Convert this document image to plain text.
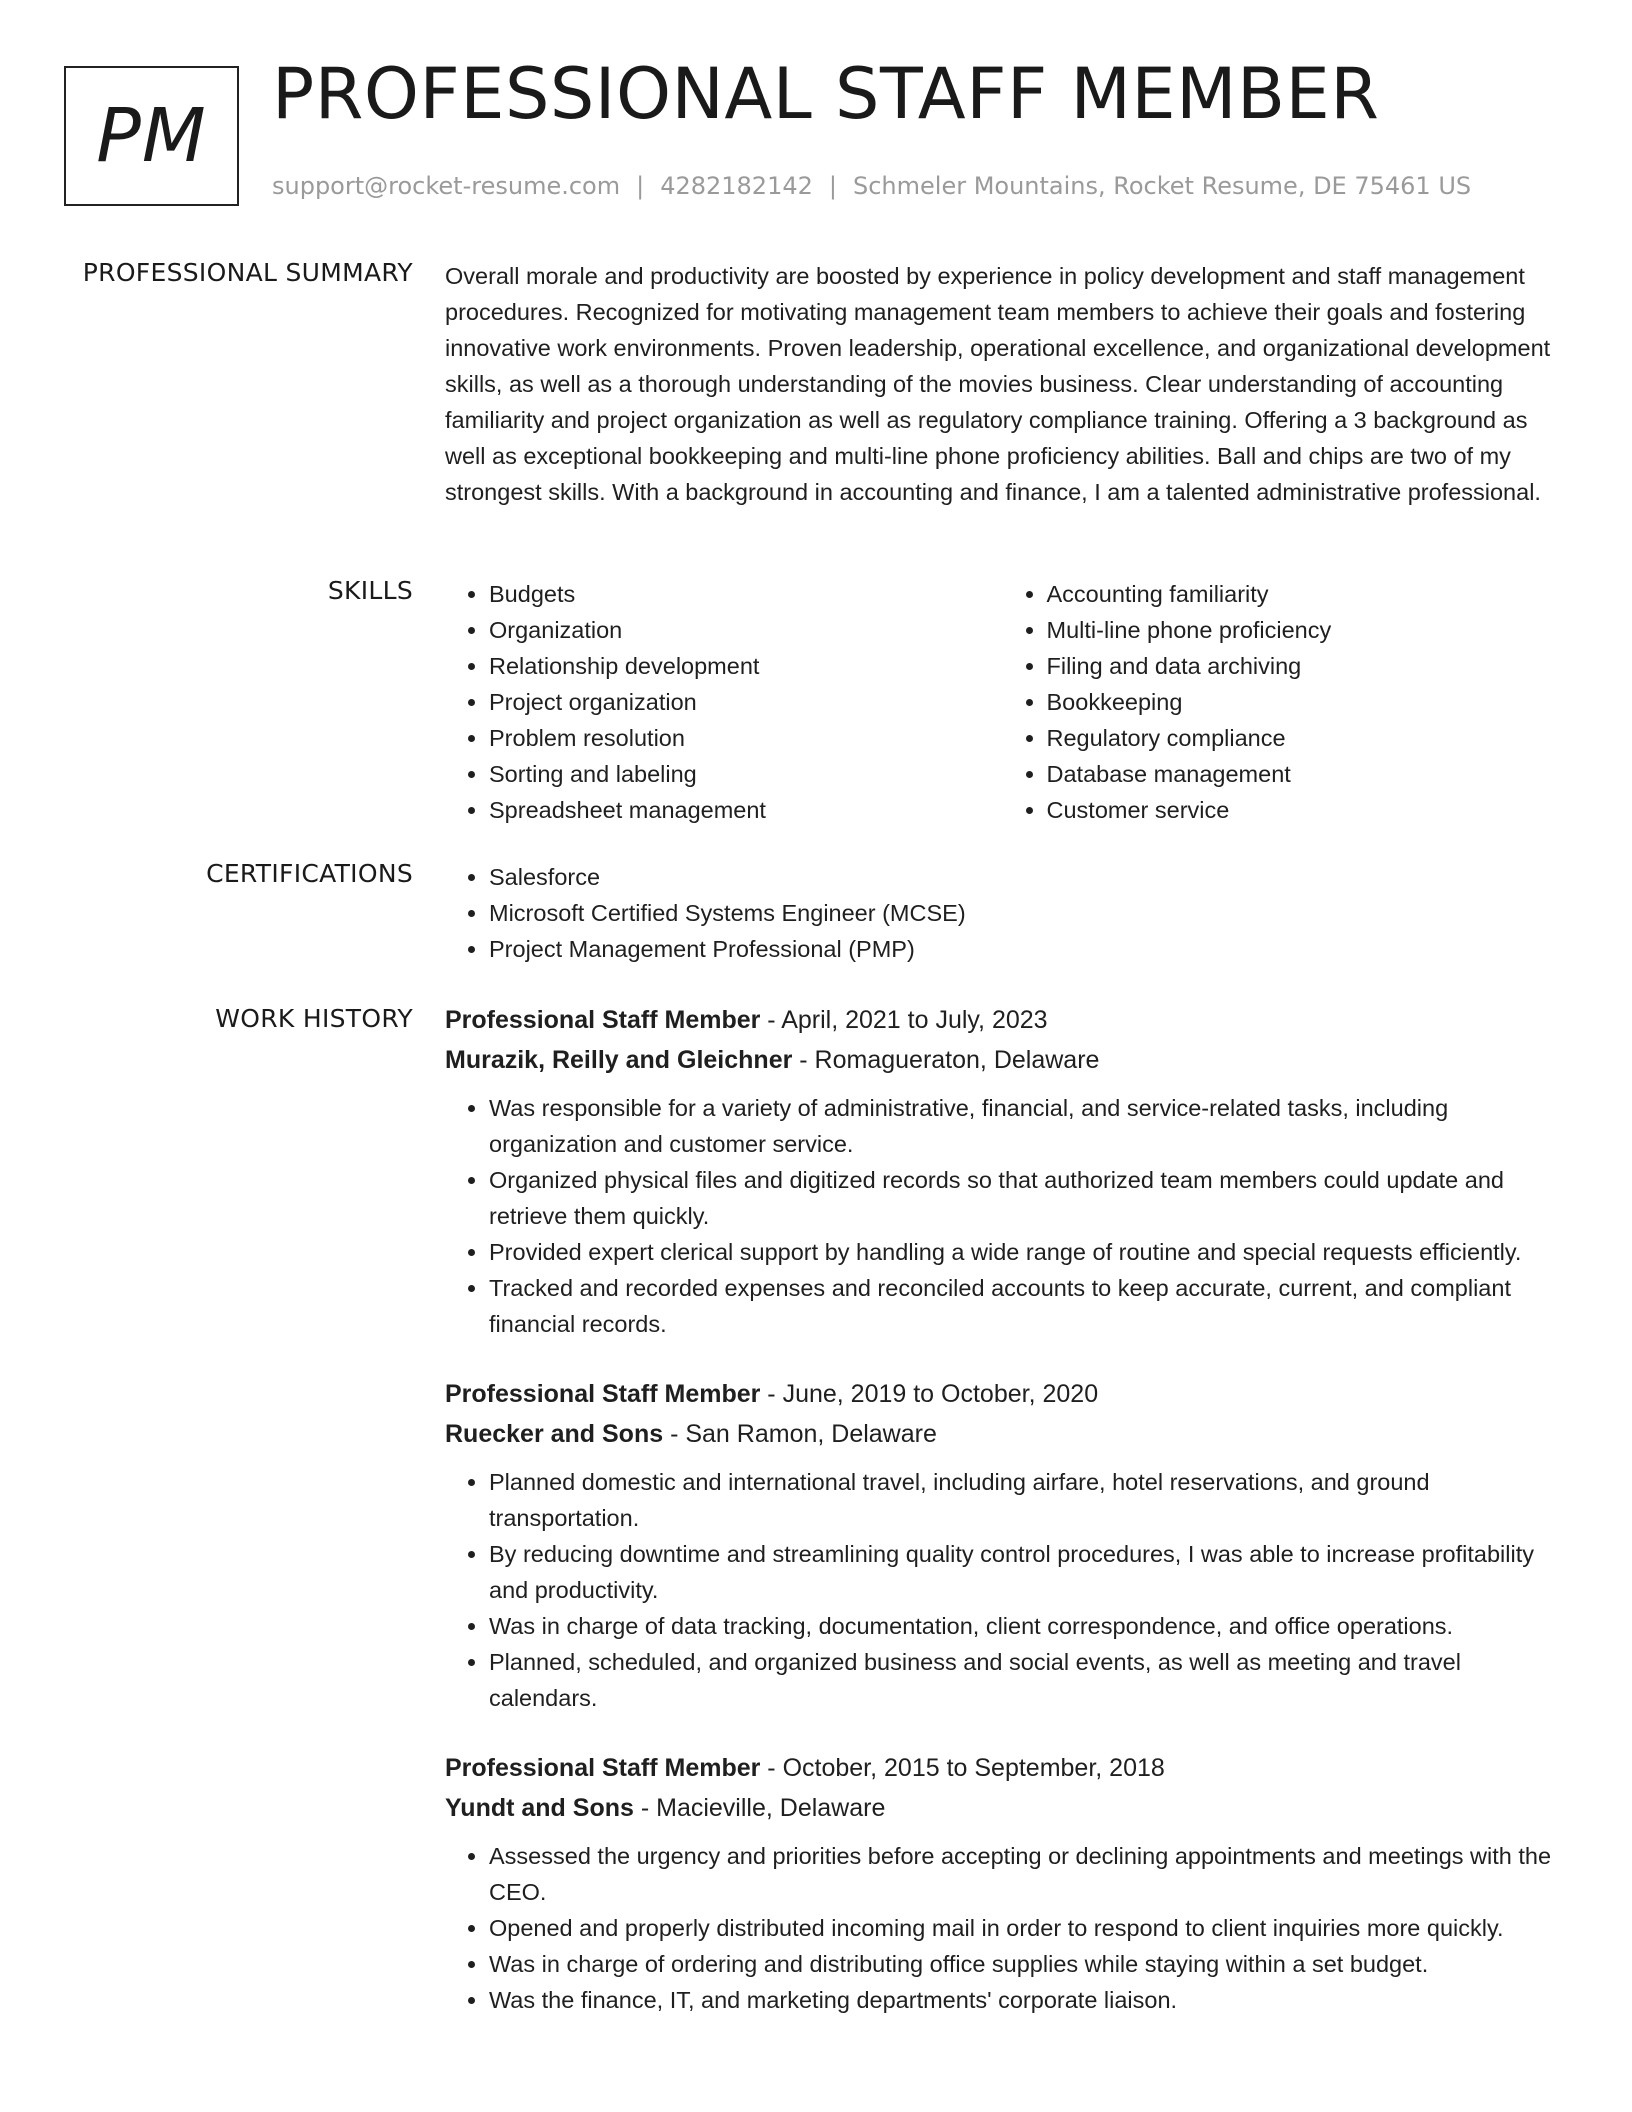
PM PROFESSIONAL STAFF MEMBER
support@rocket-resume.com | 4282182142 | Schmeler Mountains, Rocket Resume, DE 75461 US
PROFESSIONAL SUMMARY Overall morale and productivity are boosted by experience in policy development and staff management procedures. Recognized for motivating management team members to achieve their goals and fostering innovative work environments. Proven leadership, operational excellence, and organizational development skills, as well as a thorough understanding of the movies business. Clear understanding of accounting familiarity and project organization as well as regulatory compliance training. Offering a 3 background as well as exceptional bookkeeping and multi-line phone proficiency abilities. Ball and chips are two of my strongest skills. With a background in accounting and finance, I am a talented administrative professional.
SKILLS	• Budgets
• Organization
• Relationship development
• Project organization
• Problem resolution
• Sorting and labeling
• Spreadsheet management
• Accounting familiarity
• Multi-line phone proficiency
• Filing and data archiving
• Bookkeeping
• Regulatory compliance
• Database management
• Customer service
CERTIFICATIONS	• Salesforce
• Microsoft Certified Systems Engineer (MCSE)
• Project Management Professional (PMP)
WORK HISTORY Professional Staff Member - April, 2021 to July, 2023
Murazik, Reilly and Gleichner - Romagueraton, Delaware
• Was responsible for a variety of administrative, financial, and service-related tasks, including organization and customer service.
• Organized physical files and digitized records so that authorized team members could update and retrieve them quickly.
• Provided expert clerical support by handling a wide range of routine and special requests efficiently.
• Tracked and recorded expenses and reconciled accounts to keep accurate, current, and compliant financial records.
Professional Staff Member - June, 2019 to October, 2020
Ruecker and Sons - San Ramon, Delaware
• Planned domestic and international travel, including airfare, hotel reservations, and ground transportation.
• By reducing downtime and streamlining quality control procedures, I was able to increase profitability and productivity.
• Was in charge of data tracking, documentation, client correspondence, and office operations.
• Planned, scheduled, and organized business and social events, as well as meeting and travel calendars.
Professional Staff Member - October, 2015 to September, 2018
Yundt and Sons - Macieville, Delaware
• Assessed the urgency and priorities before accepting or declining appointments and meetings with the CEO.
• Opened and properly distributed incoming mail in order to respond to client inquiries more quickly.
• Was in charge of ordering and distributing office supplies while staying within a set budget.
• Was the finance, IT, and marketing departments' corporate liaison.
